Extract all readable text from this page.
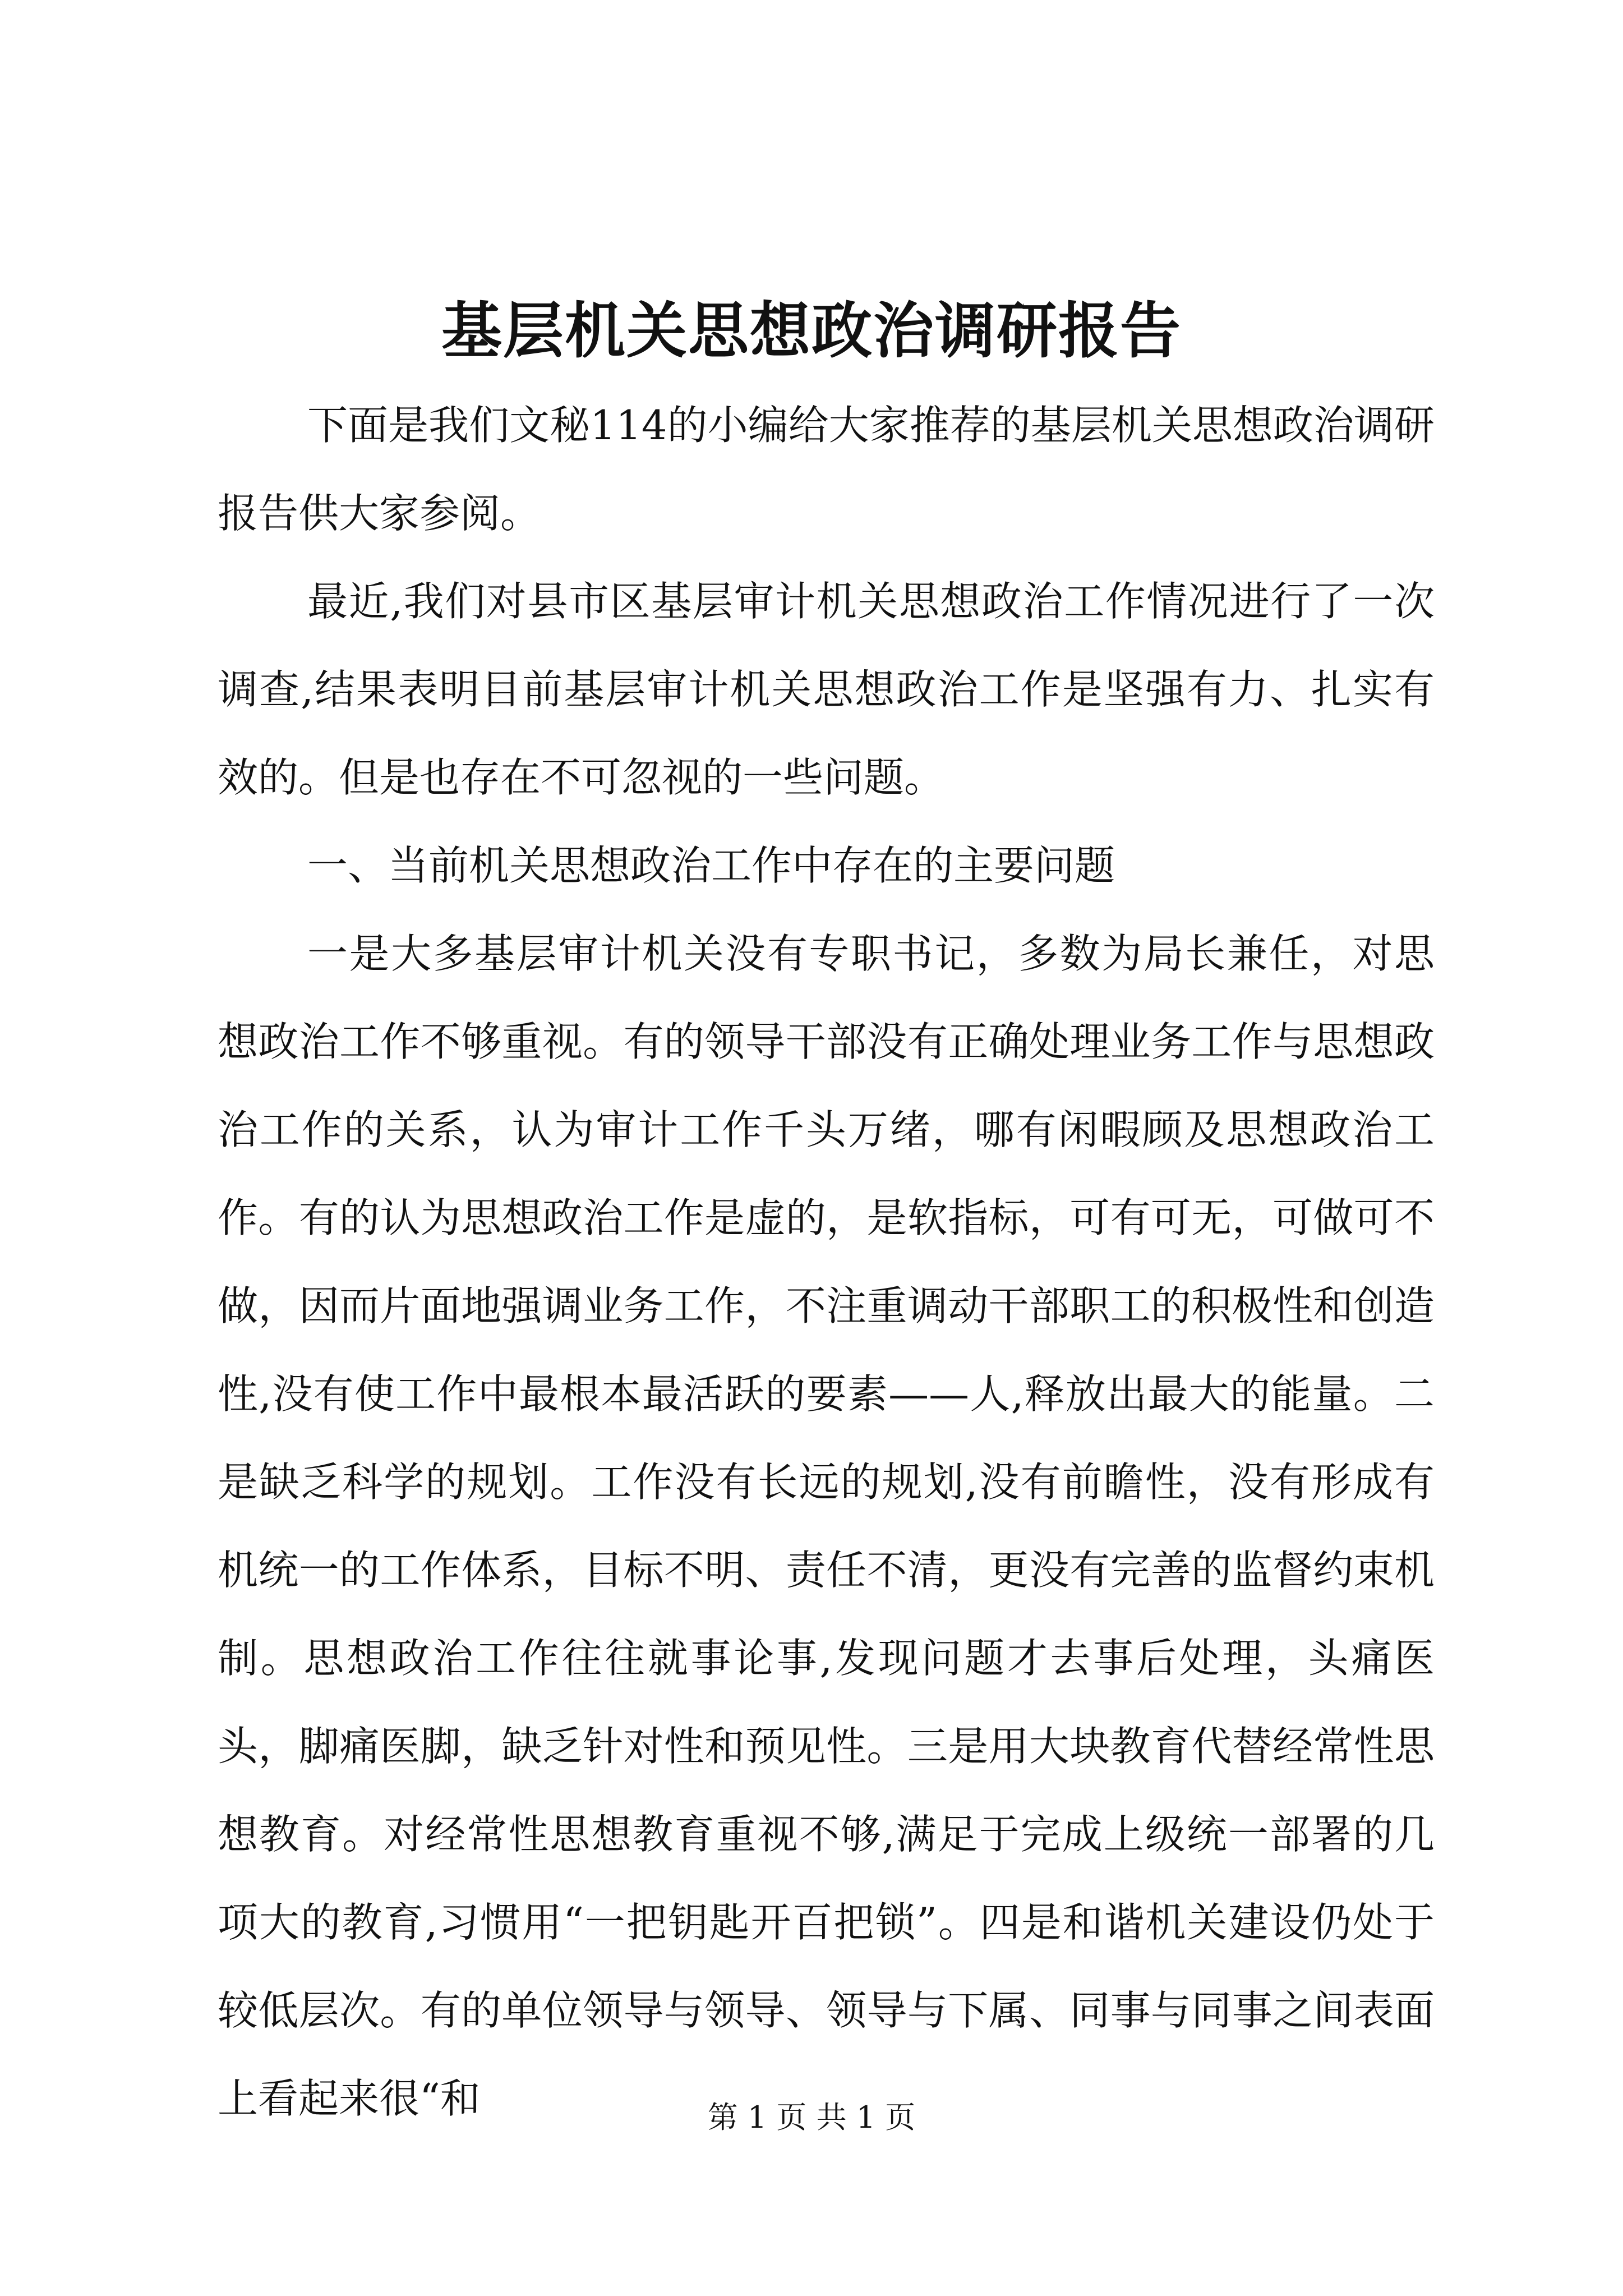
基层机关思想政治调研报告

下面是我们文秘114的小编给大家推荐的基层机关思想政治调研报告供大家参阅。

最近,我们对县市区基层审计机关思想政治工作情况进行了一次调查,结果表明目前基层审计机关思想政治工作是坚强有力、扎实有效的。但是也存在不可忽视的一些问题。

一、当前机关思想政治工作中存在的主要问题

一是大多基层审计机关没有专职书记，多数为局长兼任，对思想政治工作不够重视。有的领导干部没有正确处理业务工作与思想政治工作的关系，认为审计工作千头万绪，哪有闲暇顾及思想政治工作。有的认为思想政治工作是虚的，是软指标，可有可无，可做可不做，因而片面地强调业务工作，不注重调动干部职工的积极性和创造性,没有使工作中最根本最活跃的要素——人,释放出最大的能量。二是缺乏科学的规划。工作没有长远的规划,没有前瞻性，没有形成有机统一的工作体系，目标不明、责任不清，更没有完善的监督约束机制。思想政治工作往往就事论事,发现问题才去事后处理，头痛医头，脚痛医脚，缺乏针对性和预见性。三是用大块教育代替经常性思想教育。对经常性思想教育重视不够,满足于完成上级统一部署的几项大的教育,习惯用“一把钥匙开百把锁”。四是和谐机关建设仍处于较低层次。有的单位领导与领导、领导与下属、同事与同事之间表面上看起来很“和	第 1 页 共 1 页
